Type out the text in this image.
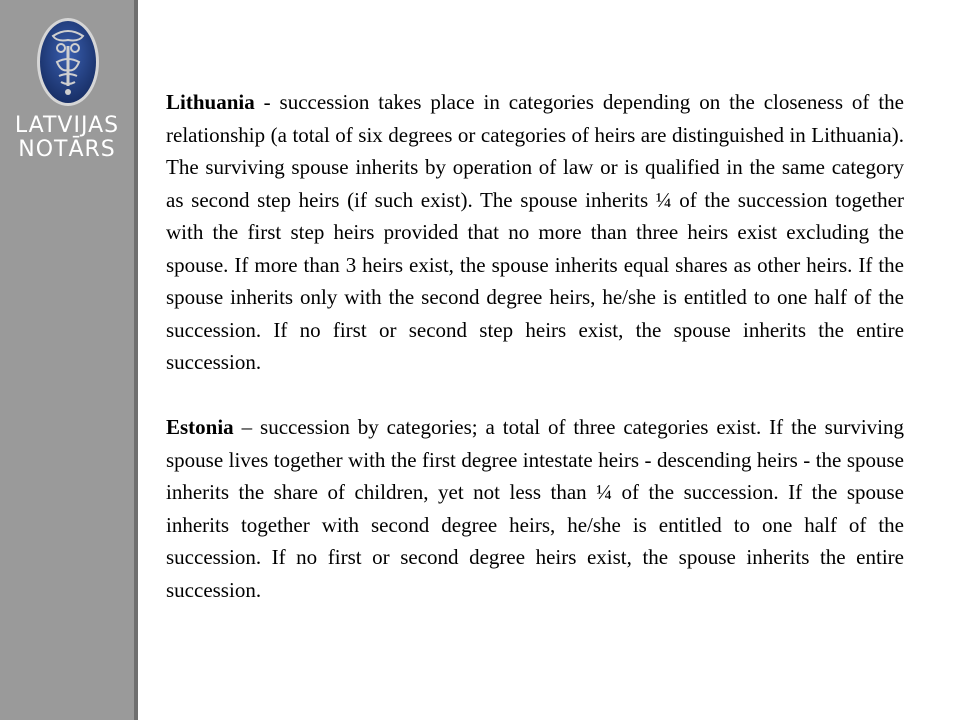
LATVIJAS
NOTĀRS

Lithuania - succession takes place in categories depending on the closeness of the relationship (a total of six degrees or categories of heirs are distinguished in Lithuania). The surviving spouse inherits by operation of law or is qualified in the same category as second step heirs (if such exist). The spouse inherits ¼ of the succession together with the first step heirs provided that no more than three heirs exist excluding the spouse. If more than 3 heirs exist, the spouse inherits equal shares as other heirs. If the spouse inherits only with the second degree heirs, he/she is entitled to one half of the succession. If no first or second step heirs exist, the spouse inherits the entire succession.

Estonia – succession by categories; a total of three categories exist. If the surviving spouse lives together with the first degree intestate heirs - descending heirs - the spouse inherits the share of children, yet not less than ¼ of the succession. If the spouse inherits together with second degree heirs, he/she is entitled to one half of the succession. If no first or second degree heirs exist, the spouse inherits the entire succession.
